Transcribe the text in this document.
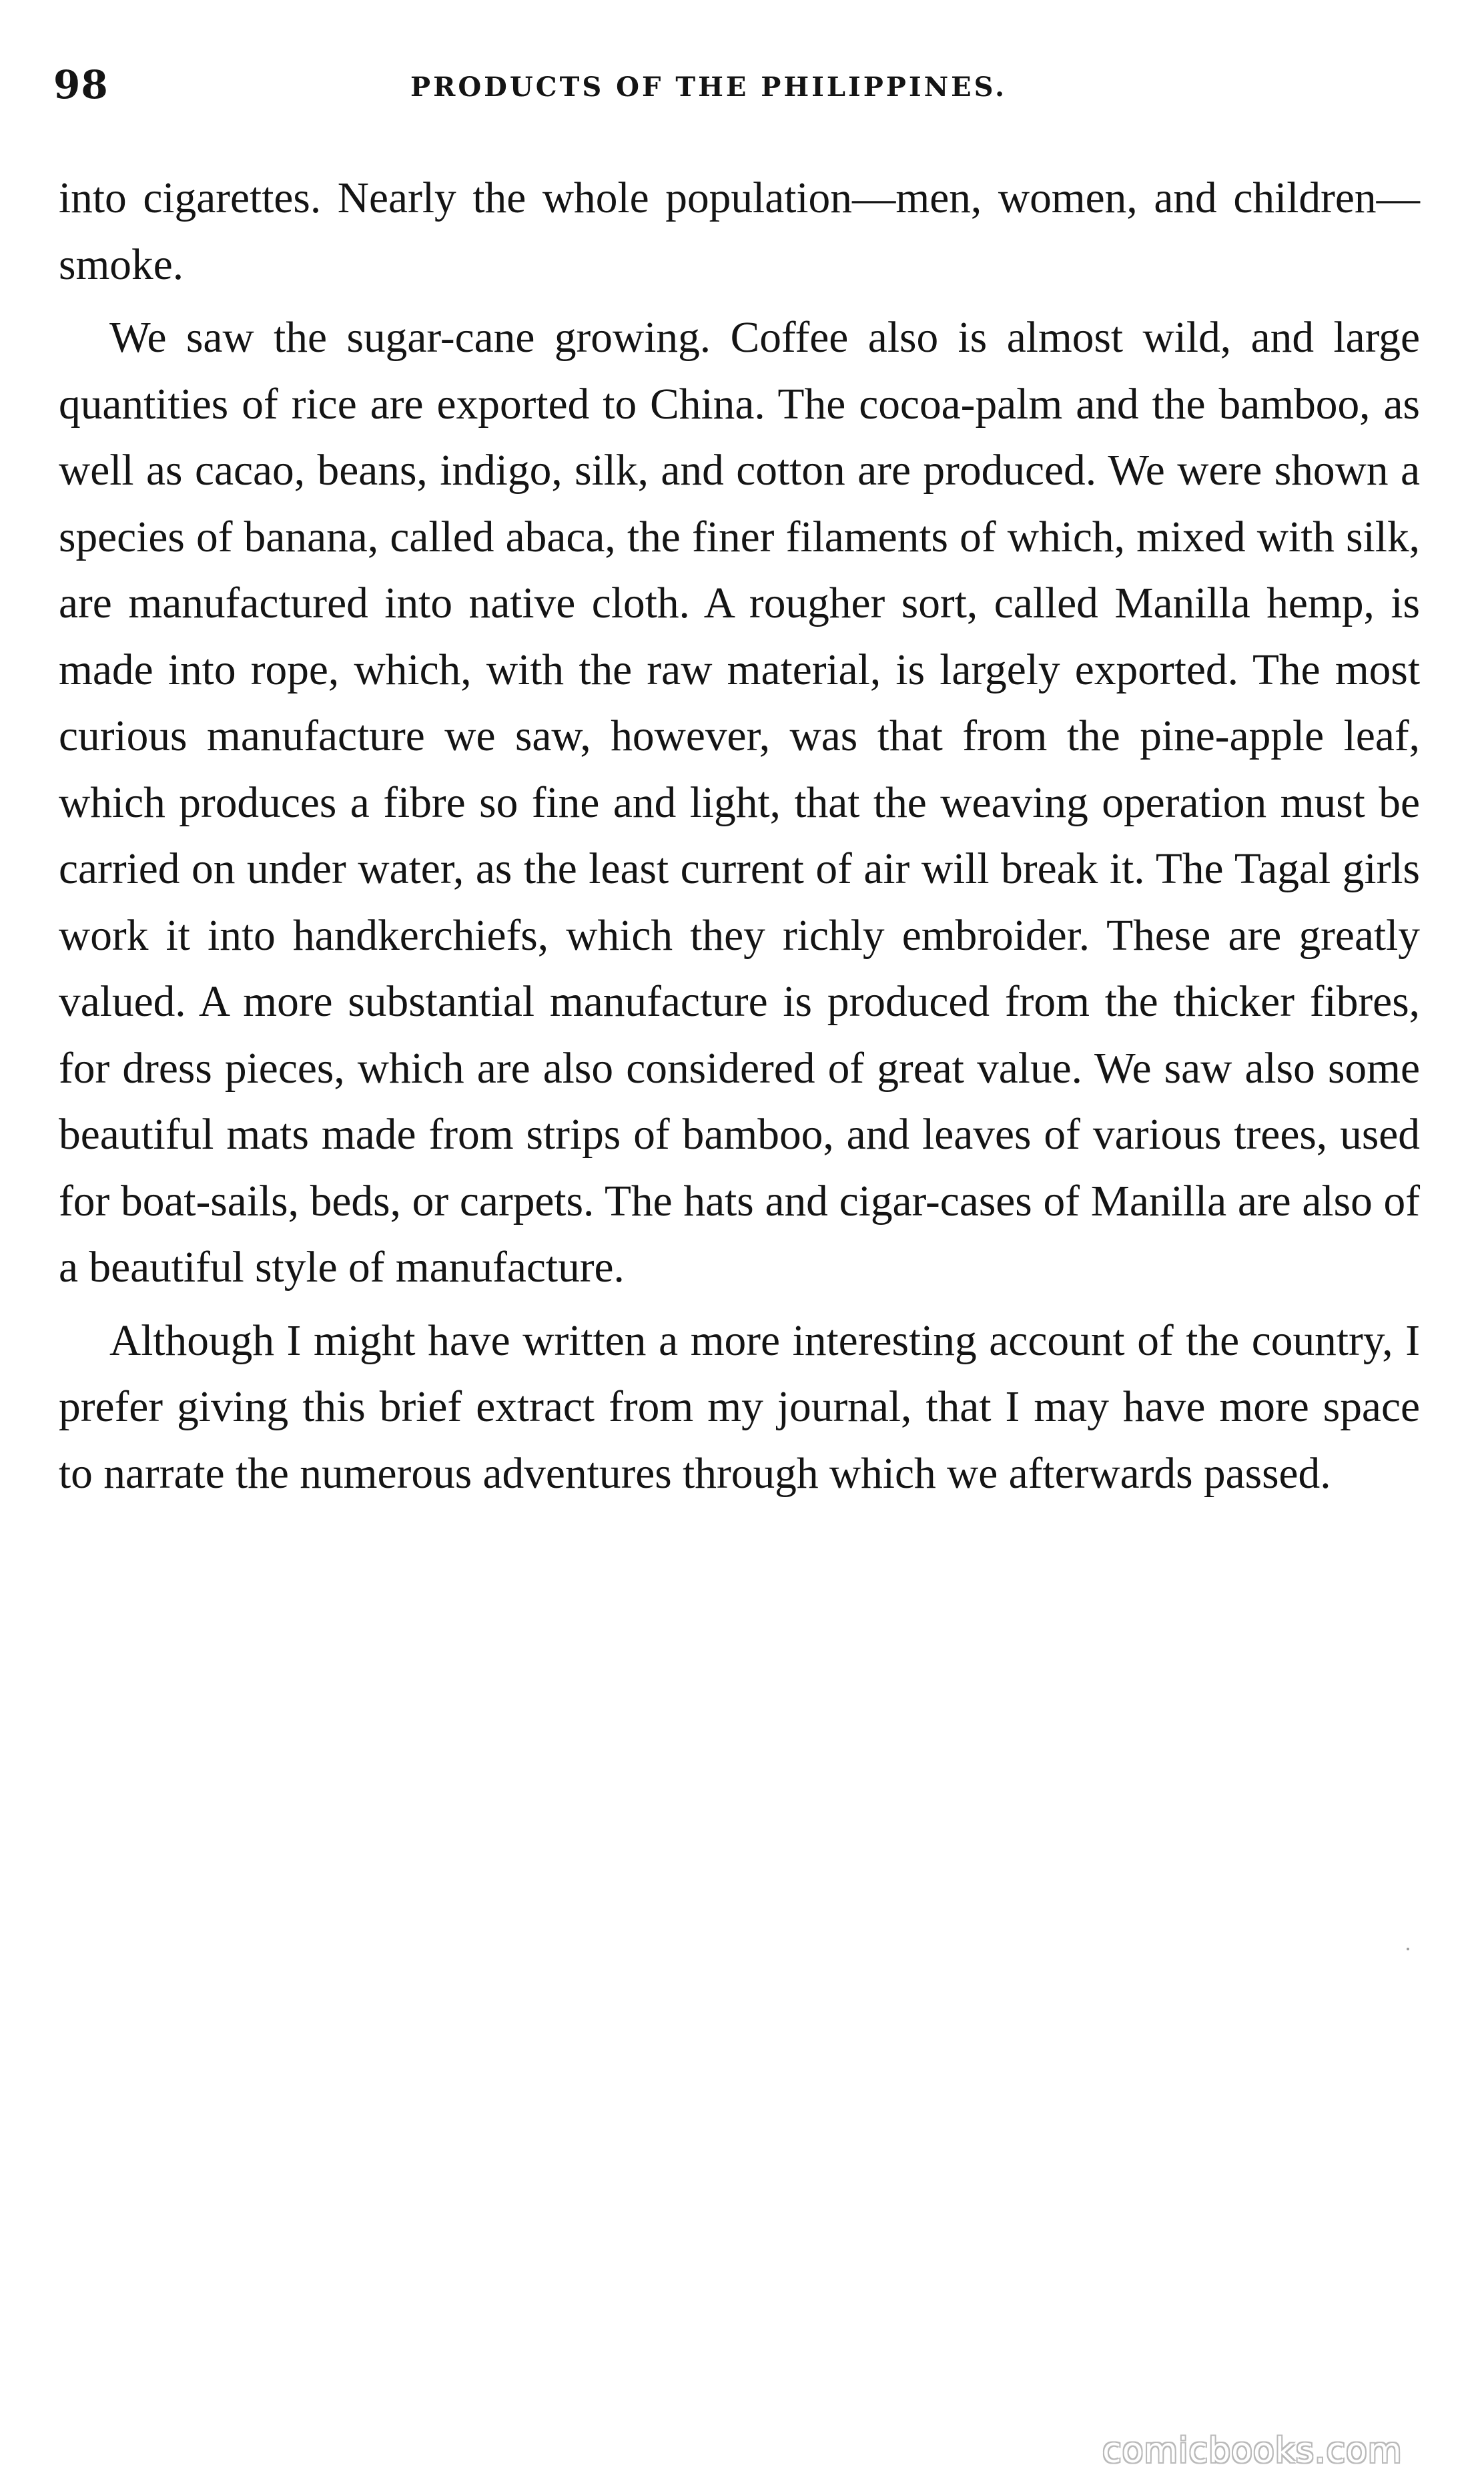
98	PRODUCTS OF THE PHILIPPINES.

into cigarettes. Nearly the whole population—men, women, and children—smoke.

We saw the sugar-cane growing. Coffee also is almost wild, and large quantities of rice are exported to China. The cocoa-palm and the bamboo, as well as cacao, beans, indigo, silk, and cotton are produced. We were shown a species of banana, called abaca, the finer filaments of which, mixed with silk, are manufactured into native cloth. A rougher sort, called Manilla hemp, is made into rope, which, with the raw material, is largely exported. The most curious manufacture we saw, however, was that from the pine-apple leaf, which produces a fibre so fine and light, that the weaving operation must be carried on under water, as the least current of air will break it. The Tagal girls work it into handkerchiefs, which they richly embroider. These are greatly valued. A more substantial manufacture is produced from the thicker fibres, for dress pieces, which are also considered of great value. We saw also some beautiful mats made from strips of bamboo, and leaves of various trees, used for boat-sails, beds, or carpets. The hats and cigar-cases of Manilla are also of a beautiful style of manufacture.

Although I might have written a more interesting account of the country, I prefer giving this brief extract from my journal, that I may have more space to narrate the numerous adventures through which we afterwards passed.

comicbooks.com
